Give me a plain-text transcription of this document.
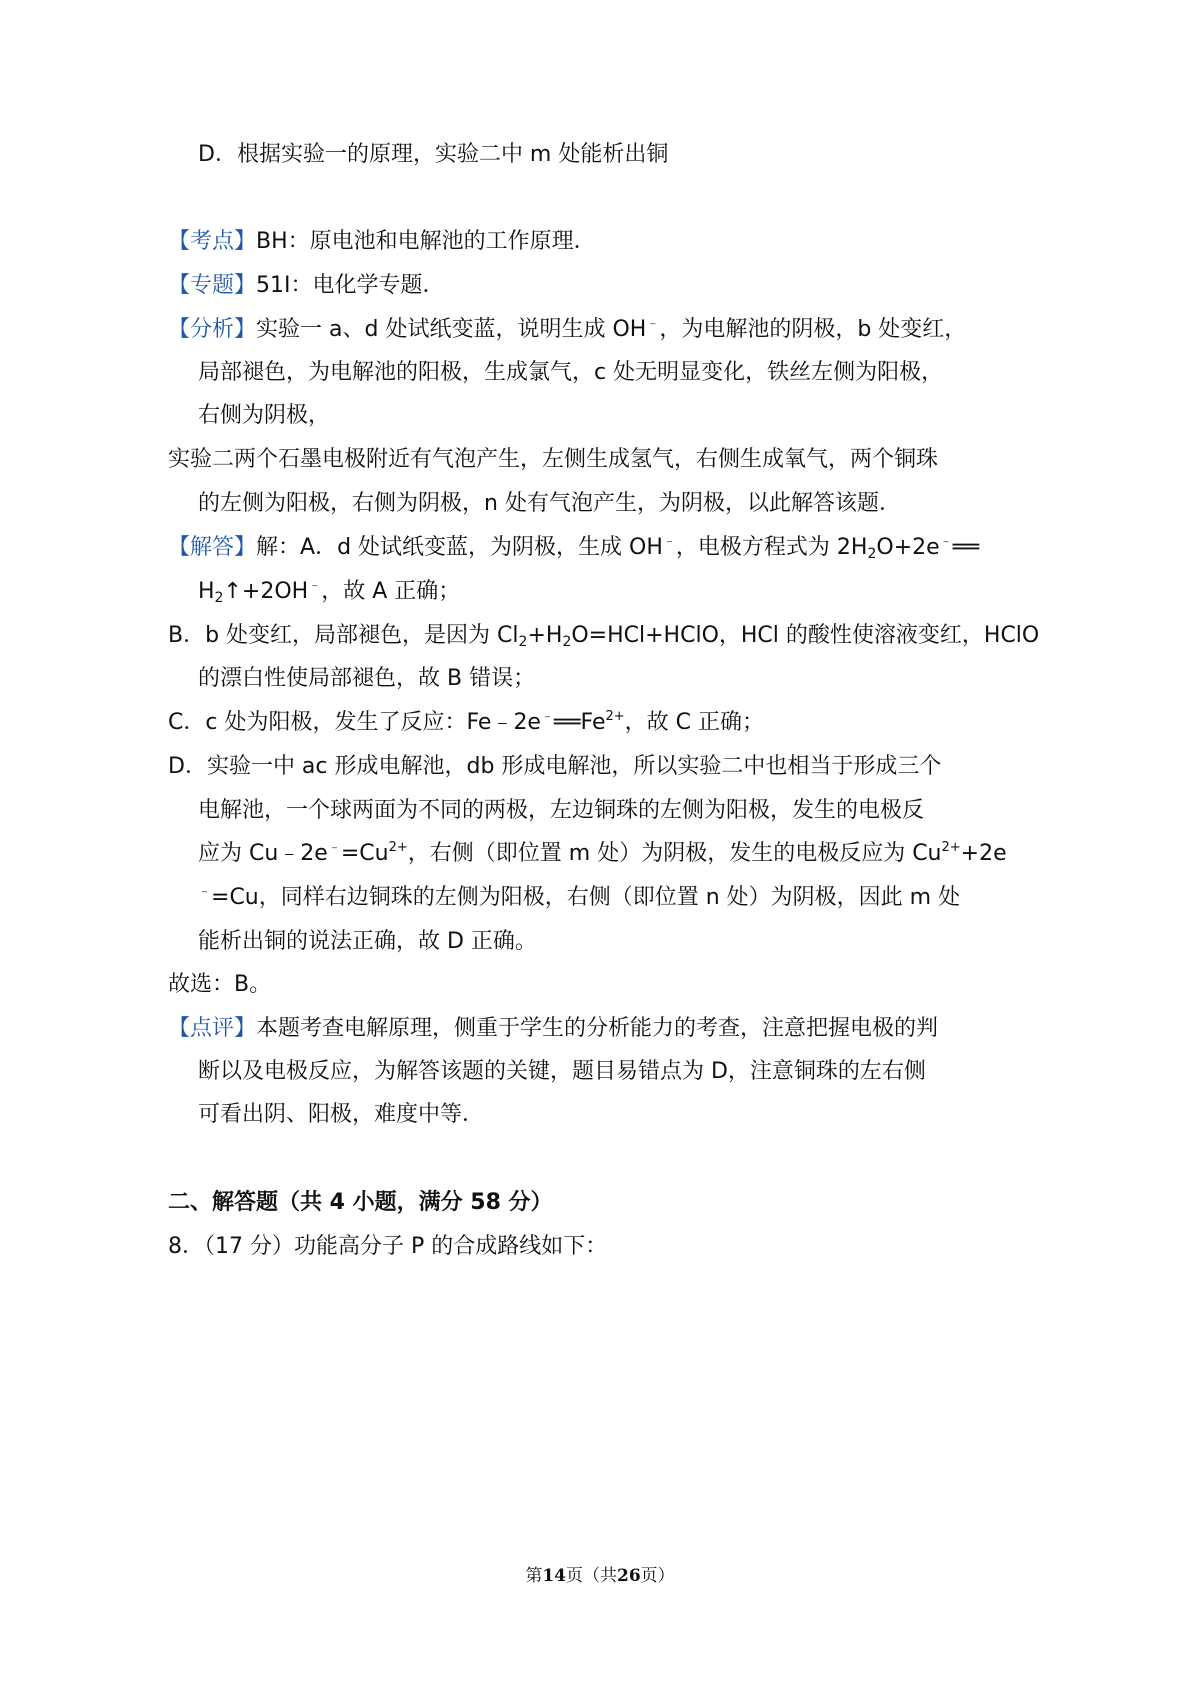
D．根据实验一的原理，实验二中 m 处能析出铜
【考点】BH：原电池和电解池的工作原理．
【专题】51I：电化学专题．
【分析】实验一 a、d 处试纸变蓝，说明生成 OH﹣，为电解池的阴极，b 处变红，
局部褪色，为电解池的阳极，生成氯气，c 处无明显变化，铁丝左侧为阳极，
右侧为阴极，
实验二两个石墨电极附近有气泡产生，左侧生成氢气，右侧生成氧气，两个铜珠
的左侧为阳极，右侧为阴极，n 处有气泡产生，为阴极，以此解答该题．
【解答】解：A．d 处试纸变蓝，为阴极，生成 OH﹣，电极方程式为 $2H_2O+2e^﹣══$
$H_2↑+2OH^﹣$，故 A 正确；
B．b 处变红，局部褪色，是因为 $Cl_2+H_2O=HCl+HClO$，HCl 的酸性使溶液变红，HClO
的漂白性使局部褪色，故 B 错误；
C．c 处为阳极，发生了反应：$Fe﹣2e^﹣══Fe^{2+}$，故 C 正确；
D．实验一中 ac 形成电解池，db 形成电解池，所以实验二中也相当于形成三个
电解池，一个球两面为不同的两极，左边铜珠的左侧为阳极，发生的电极反
应为 $Cu﹣2e^﹣=Cu^{2+}$，右侧（即位置 m 处）为阴极，发生的电极反应为 $Cu^{2+}+2e$
﹣=Cu，同样右边铜珠的左侧为阳极，右侧（即位置 n 处）为阴极，因此 m 处
能析出铜的说法正确，故 D 正确。
故选：B。
【点评】本题考查电解原理，侧重于学生的分析能力的考查，注意把握电极的判
断以及电极反应，为解答该题的关键，题目易错点为 D，注意铜珠的左右侧
可看出阴、阳极，难度中等．
二、解答题（共 4 小题，满分 58 分）
8．（17 分）功能高分子 P 的合成路线如下：
第14页（共26页）
